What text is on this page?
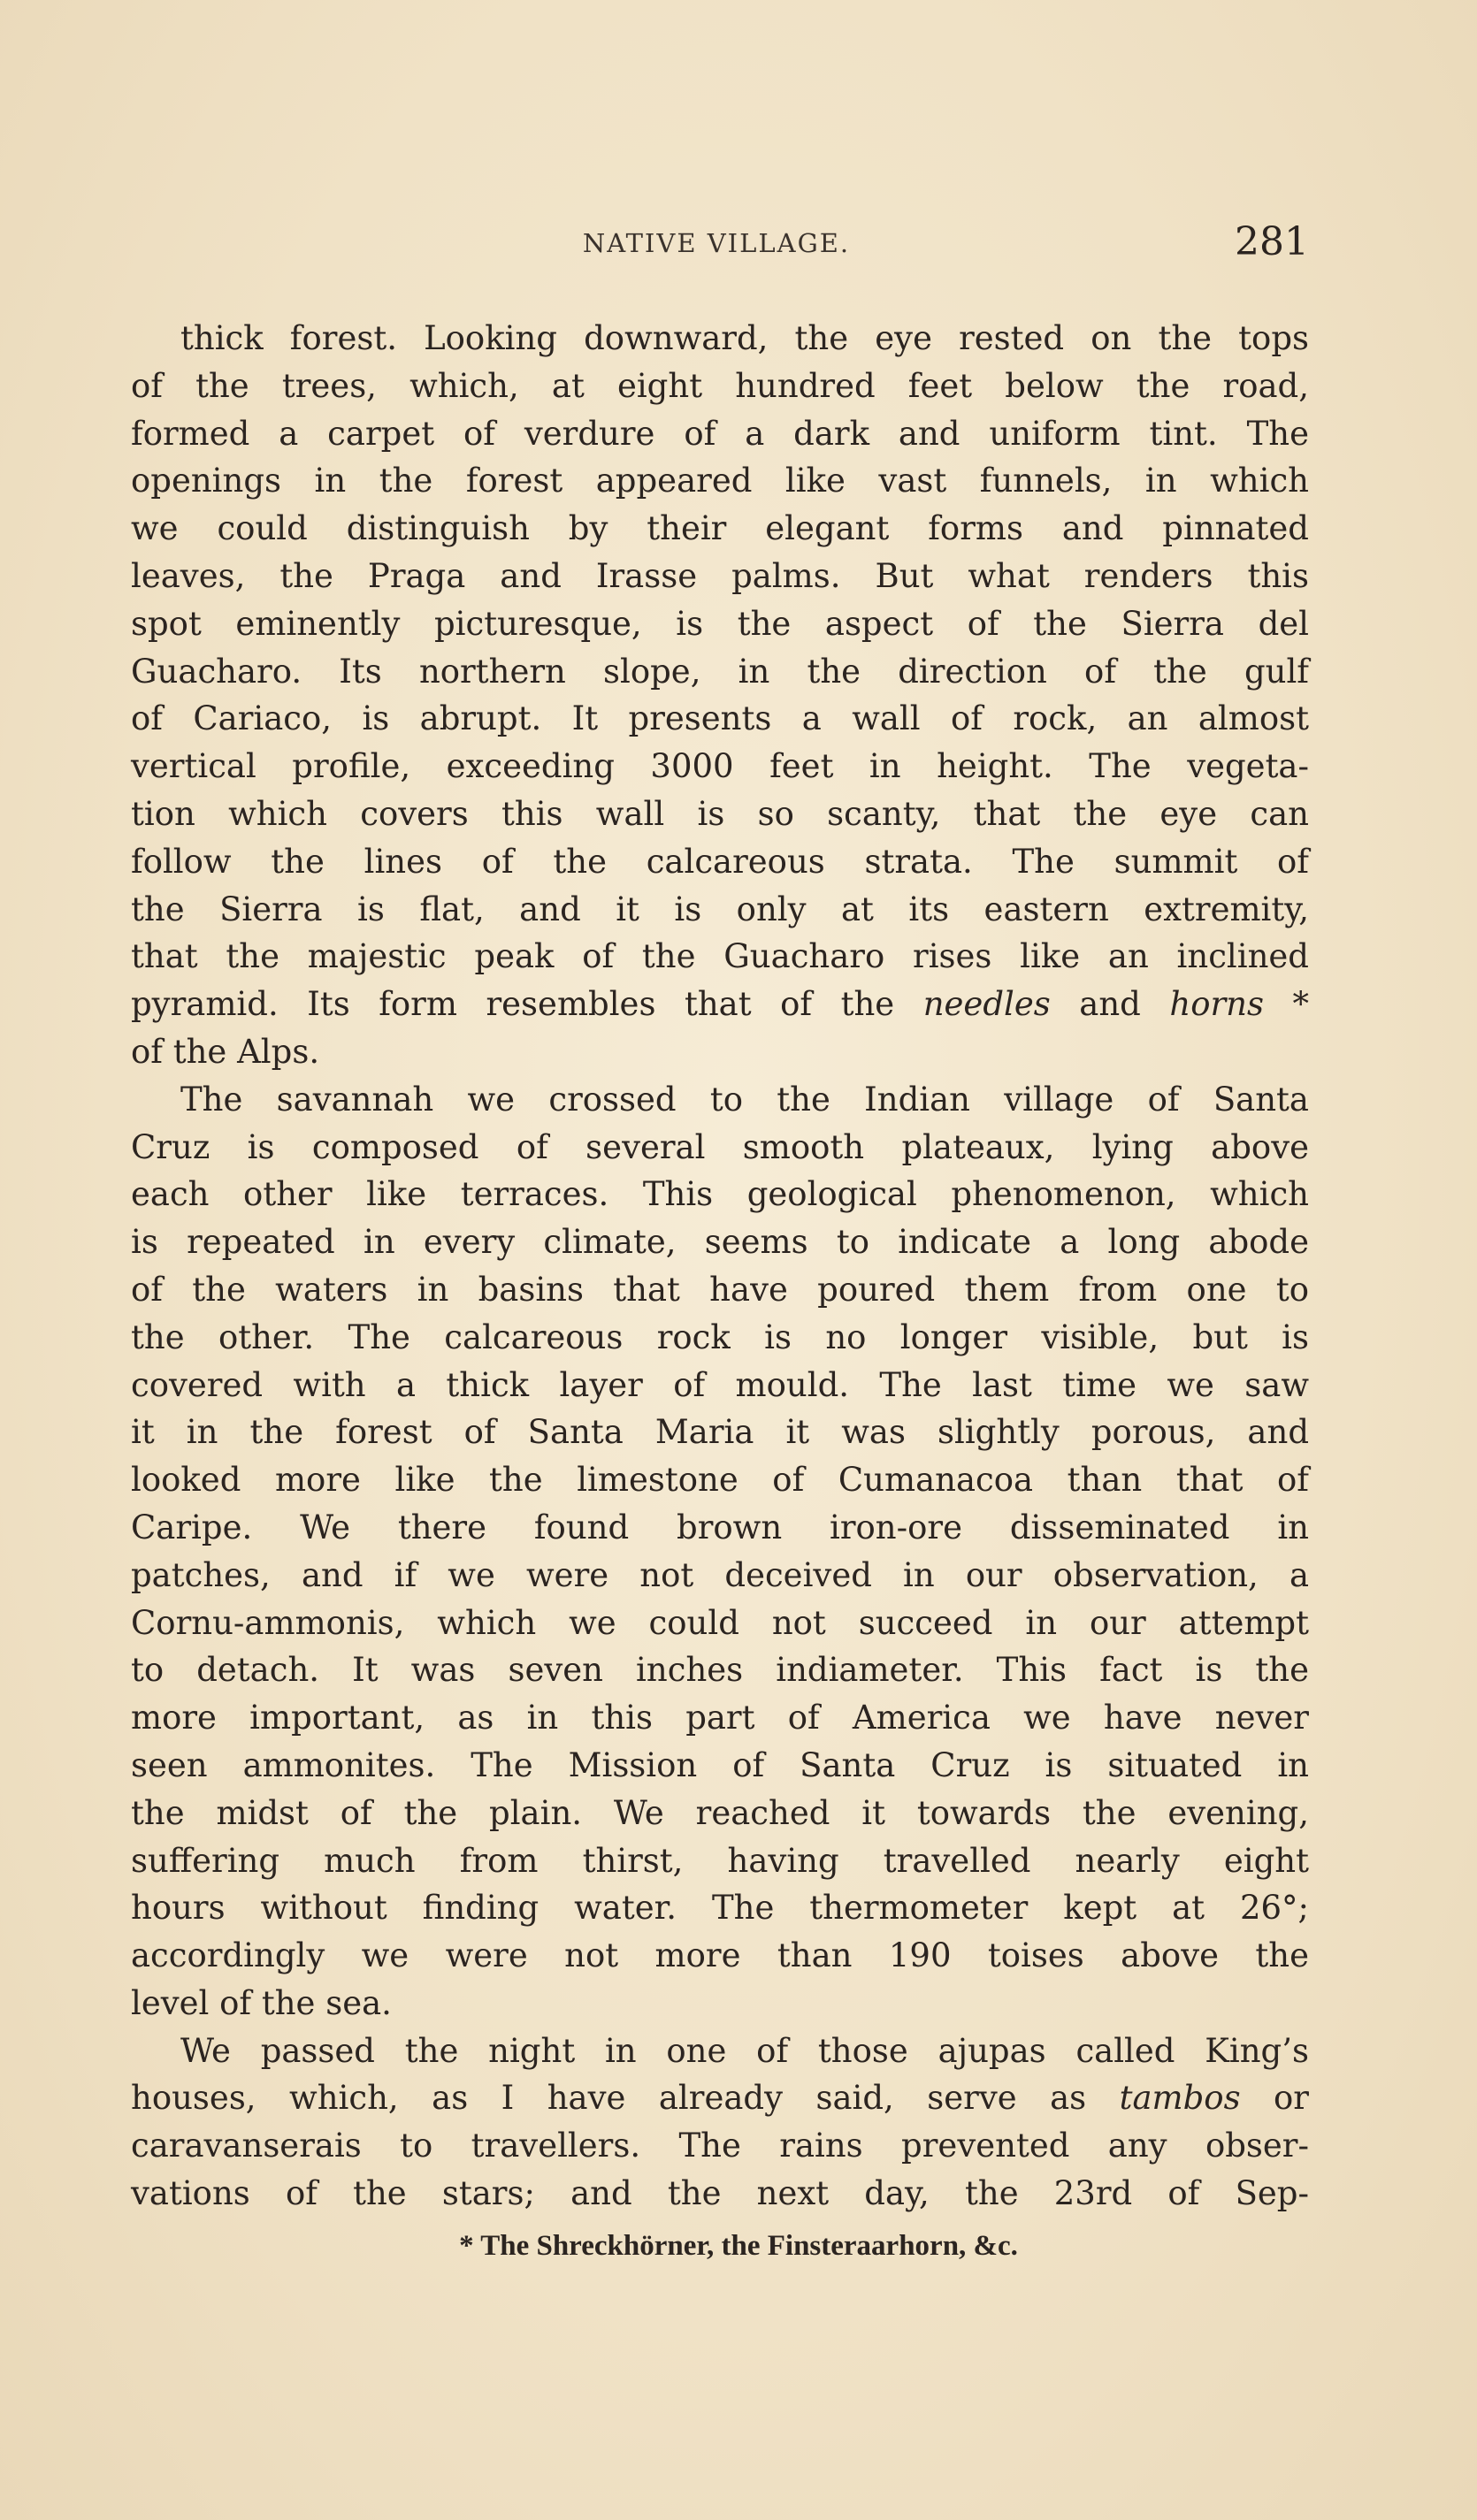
NATIVE VILLAGE.	281
thick forest. Looking downward, the eye rested on the tops
of the trees, which, at eight hundred feet below the road,
formed a carpet of verdure of a dark and uniform tint. The
openings in the forest appeared like vast funnels, in which
we could distinguish by their elegant forms and pinnated
leaves, the Praga and Irasse palms. But what renders this
spot eminently picturesque, is the aspect of the Sierra del
Guacharo. Its northern slope, in the direction of the gulf
of Cariaco, is abrupt. It presents a wall of rock, an almost
vertical profile, exceeding 3000 feet in height. The vegeta-
tion which covers this wall is so scanty, that the eye can
follow the lines of the calcareous strata. The summit of
the Sierra is flat, and it is only at its eastern extremity,
that the majestic peak of the Guacharo rises like an inclined
pyramid. Its form resembles that of the needles and horns *
of the Alps.
The savannah we crossed to the Indian village of Santa
Cruz is composed of several smooth plateaux, lying above
each other like terraces. This geological phenomenon, which
is repeated in every climate, seems to indicate a long abode
of the waters in basins that have poured them from one to
the other. The calcareous rock is no longer visible, but is
covered with a thick layer of mould. The last time we saw
it in the forest of Santa Maria it was slightly porous, and
looked more like the limestone of Cumanacoa than that of
Caripe. We there found brown iron-ore disseminated in
patches, and if we were not deceived in our observation, a
Cornu-ammonis, which we could not succeed in our attempt
to detach. It was seven inches indiameter. This fact is the
more important, as in this part of America we have never
seen ammonites. The Mission of Santa Cruz is situated in
the midst of the plain. We reached it towards the evening,
suffering much from thirst, having travelled nearly eight
hours without finding water. The thermometer kept at 26°;
accordingly we were not more than 190 toises above the
level of the sea.
We passed the night in one of those ajupas called King’s
houses, which, as I have already said, serve as tambos or
caravanserais to travellers. The rains prevented any obser-
vations of the stars; and the next day, the 23rd of Sep-
* The Shreckhörner, the Finsteraarhorn, &c.
